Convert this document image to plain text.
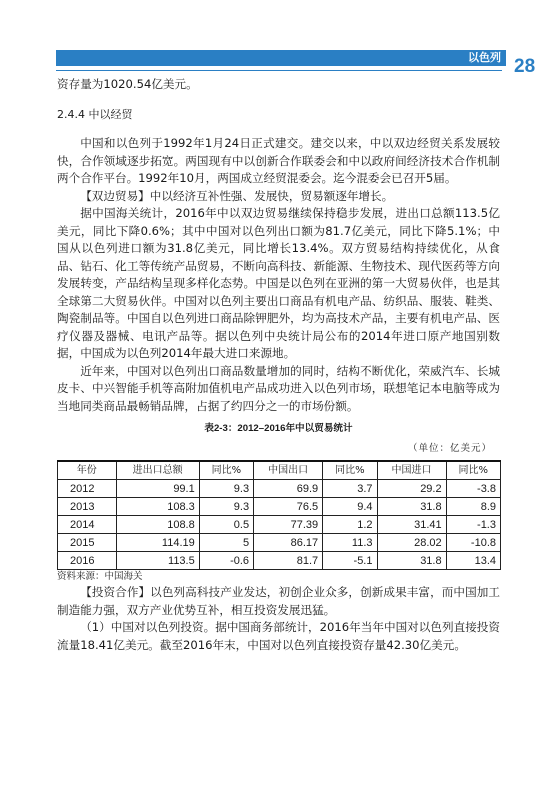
以色列 28

资存量为1020.54亿美元。

2.4.4 中以经贸

中国和以色列于1992年1月24日正式建交。建交以来，中以双边经贸关系发展较快，合作领域逐步拓宽。两国现有中以创新合作联委会和中以政府间经济技术合作机制两个合作平台。1992年10月，两国成立经贸混委会。迄今混委会已召开5届。

【双边贸易】中以经济互补性强、发展快，贸易额逐年增长。

据中国海关统计，2016年中以双边贸易继续保持稳步发展，进出口总额113.5亿美元，同比下降0.6%；其中中国对以色列出口额为81.7亿美元，同比下降5.1%；中国从以色列进口额为31.8亿美元，同比增长13.4%。双方贸易结构持续优化，从食品、钻石、化工等传统产品贸易，不断向高科技、新能源、生物技术、现代医药等方向发展转变，产品结构呈现多样化态势。中国是以色列在亚洲的第一大贸易伙伴，也是其全球第二大贸易伙伴。中国对以色列主要出口商品有机电产品、纺织品、服装、鞋类、陶瓷制品等。中国自以色列进口商品除钾肥外，均为高技术产品，主要有机电产品、医疗仪器及器械、电讯产品等。据以色列中央统计局公布的2014年进口原产地国别数据，中国成为以色列2014年最大进口来源地。

近年来，中国对以色列出口商品数量增加的同时，结构不断优化，荣威汽车、长城皮卡、中兴智能手机等高附加值机电产品成功进入以色列市场，联想笔记本电脑等成为当地同类商品最畅销品牌，占据了约四分之一的市场份额。

表2-3：2012–2016年中以贸易统计
（单位：亿美元）
年份	进出口总额	同比%	中国出口	同比%	中国进口	同比%
2012	99.1	9.3	69.9	3.7	29.2	-3.8
2013	108.3	9.3	76.5	9.4	31.8	8.9
2014	108.8	0.5	77.39	1.2	31.41	-1.3
2015	114.19	5	86.17	11.3	28.02	-10.8
2016	113.5	-0.6	81.7	-5.1	31.8	13.4

资料来源：中国海关

【投资合作】以色列高科技产业发达，初创企业众多，创新成果丰富，而中国加工制造能力强，双方产业优势互补，相互投资发展迅猛。

（1）中国对以色列投资。据中国商务部统计，2016年当年中国对以色列直接投资流量18.41亿美元。截至2016年末，中国对以色列直接投资存量42.30亿美元。
